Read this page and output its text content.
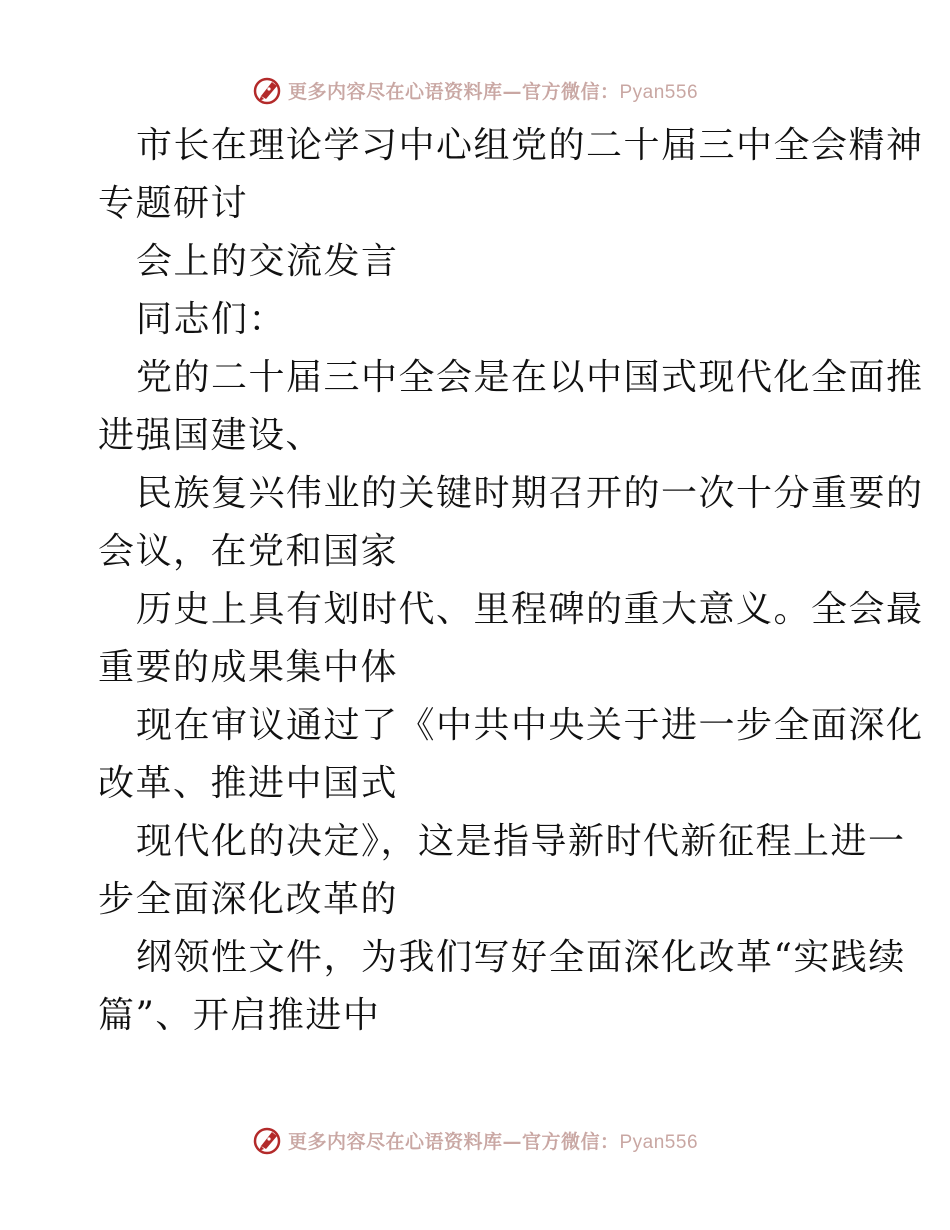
更多内容尽在心语资料库—官方微信：Pyan556
市长在理论学习中心组党的二十届三中全会精神
专题研讨
会上的交流发言
同志们：
党的二十届三中全会是在以中国式现代化全面推
进强国建设、
民族复兴伟业的关键时期召开的一次十分重要的
会议，在党和国家
历史上具有划时代、里程碑的重大意义。全会最
重要的成果集中体
现在审议通过了《中共中央关于进一步全面深化
改革、推进中国式
现代化的决定》，这是指导新时代新征程上进一
步全面深化改革的
纲领性文件，为我们写好全面深化改革“实践续
篇”、开启推进中
更多内容尽在心语资料库—官方微信：Pyan556
